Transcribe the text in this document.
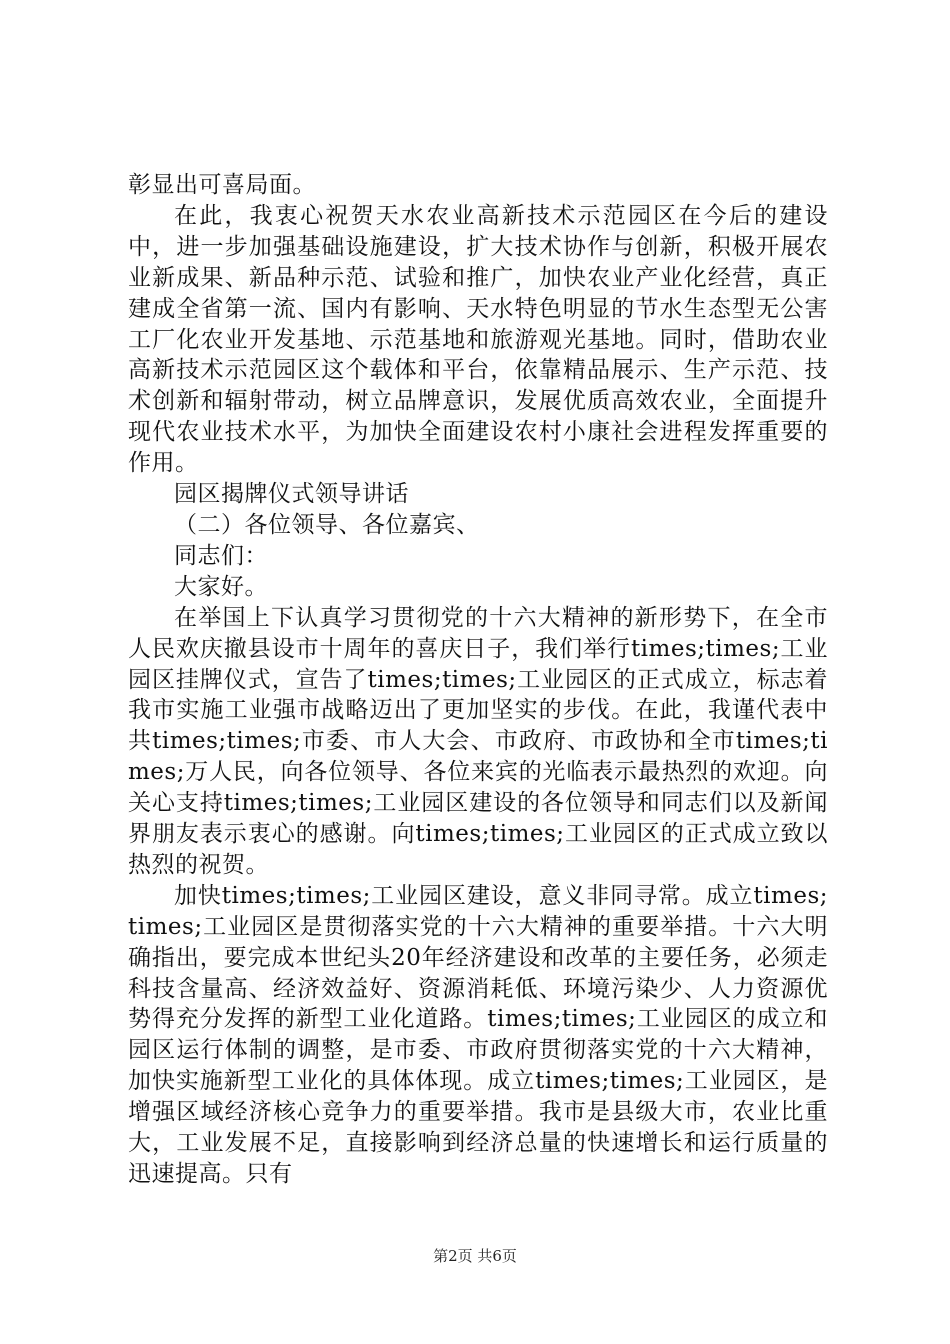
彰显出可喜局面。

在此，我衷心祝贺天水农业高新技术示范园区在今后的建设中，进一步加强基础设施建设，扩大技术协作与创新，积极开展农业新成果、新品种示范、试验和推广，加快农业产业化经营，真正建成全省第一流、国内有影响、天水特色明显的节水生态型无公害工厂化农业开发基地、示范基地和旅游观光基地。同时，借助农业高新技术示范园区这个载体和平台，依靠精品展示、生产示范、技术创新和辐射带动，树立品牌意识，发展优质高效农业，全面提升现代农业技术水平，为加快全面建设农村小康社会进程发挥重要的作用。

园区揭牌仪式领导讲话

（二）各位领导、各位嘉宾、

同志们：

大家好。

在举国上下认真学习贯彻党的十六大精神的新形势下，在全市人民欢庆撤县设市十周年的喜庆日子，我们举行times;times;工业园区挂牌仪式，宣告了times;times;工业园区的正式成立，标志着我市实施工业强市战略迈出了更加坚实的步伐。在此，我谨代表中共times;times;市委、市人大会、市政府、市政协和全市times;times;万人民，向各位领导、各位来宾的光临表示最热烈的欢迎。向关心支持times;times;工业园区建设的各位领导和同志们以及新闻界朋友表示衷心的感谢。向times;times;工业园区的正式成立致以热烈的祝贺。

加快times;times;工业园区建设，意义非同寻常。成立times;times;工业园区是贯彻落实党的十六大精神的重要举措。十六大明确指出，要完成本世纪头20年经济建设和改革的主要任务，必须走科技含量高、经济效益好、资源消耗低、环境污染少、人力资源优势得充分发挥的新型工业化道路。times;times;工业园区的成立和园区运行体制的调整，是市委、市政府贯彻落实党的十六大精神，加快实施新型工业化的具体体现。成立times;times;工业园区，是增强区域经济核心竞争力的重要举措。我市是县级大市，农业比重大，工业发展不足，直接影响到经济总量的快速增长和运行质量的迅速提高。只有

第2页 共6页
